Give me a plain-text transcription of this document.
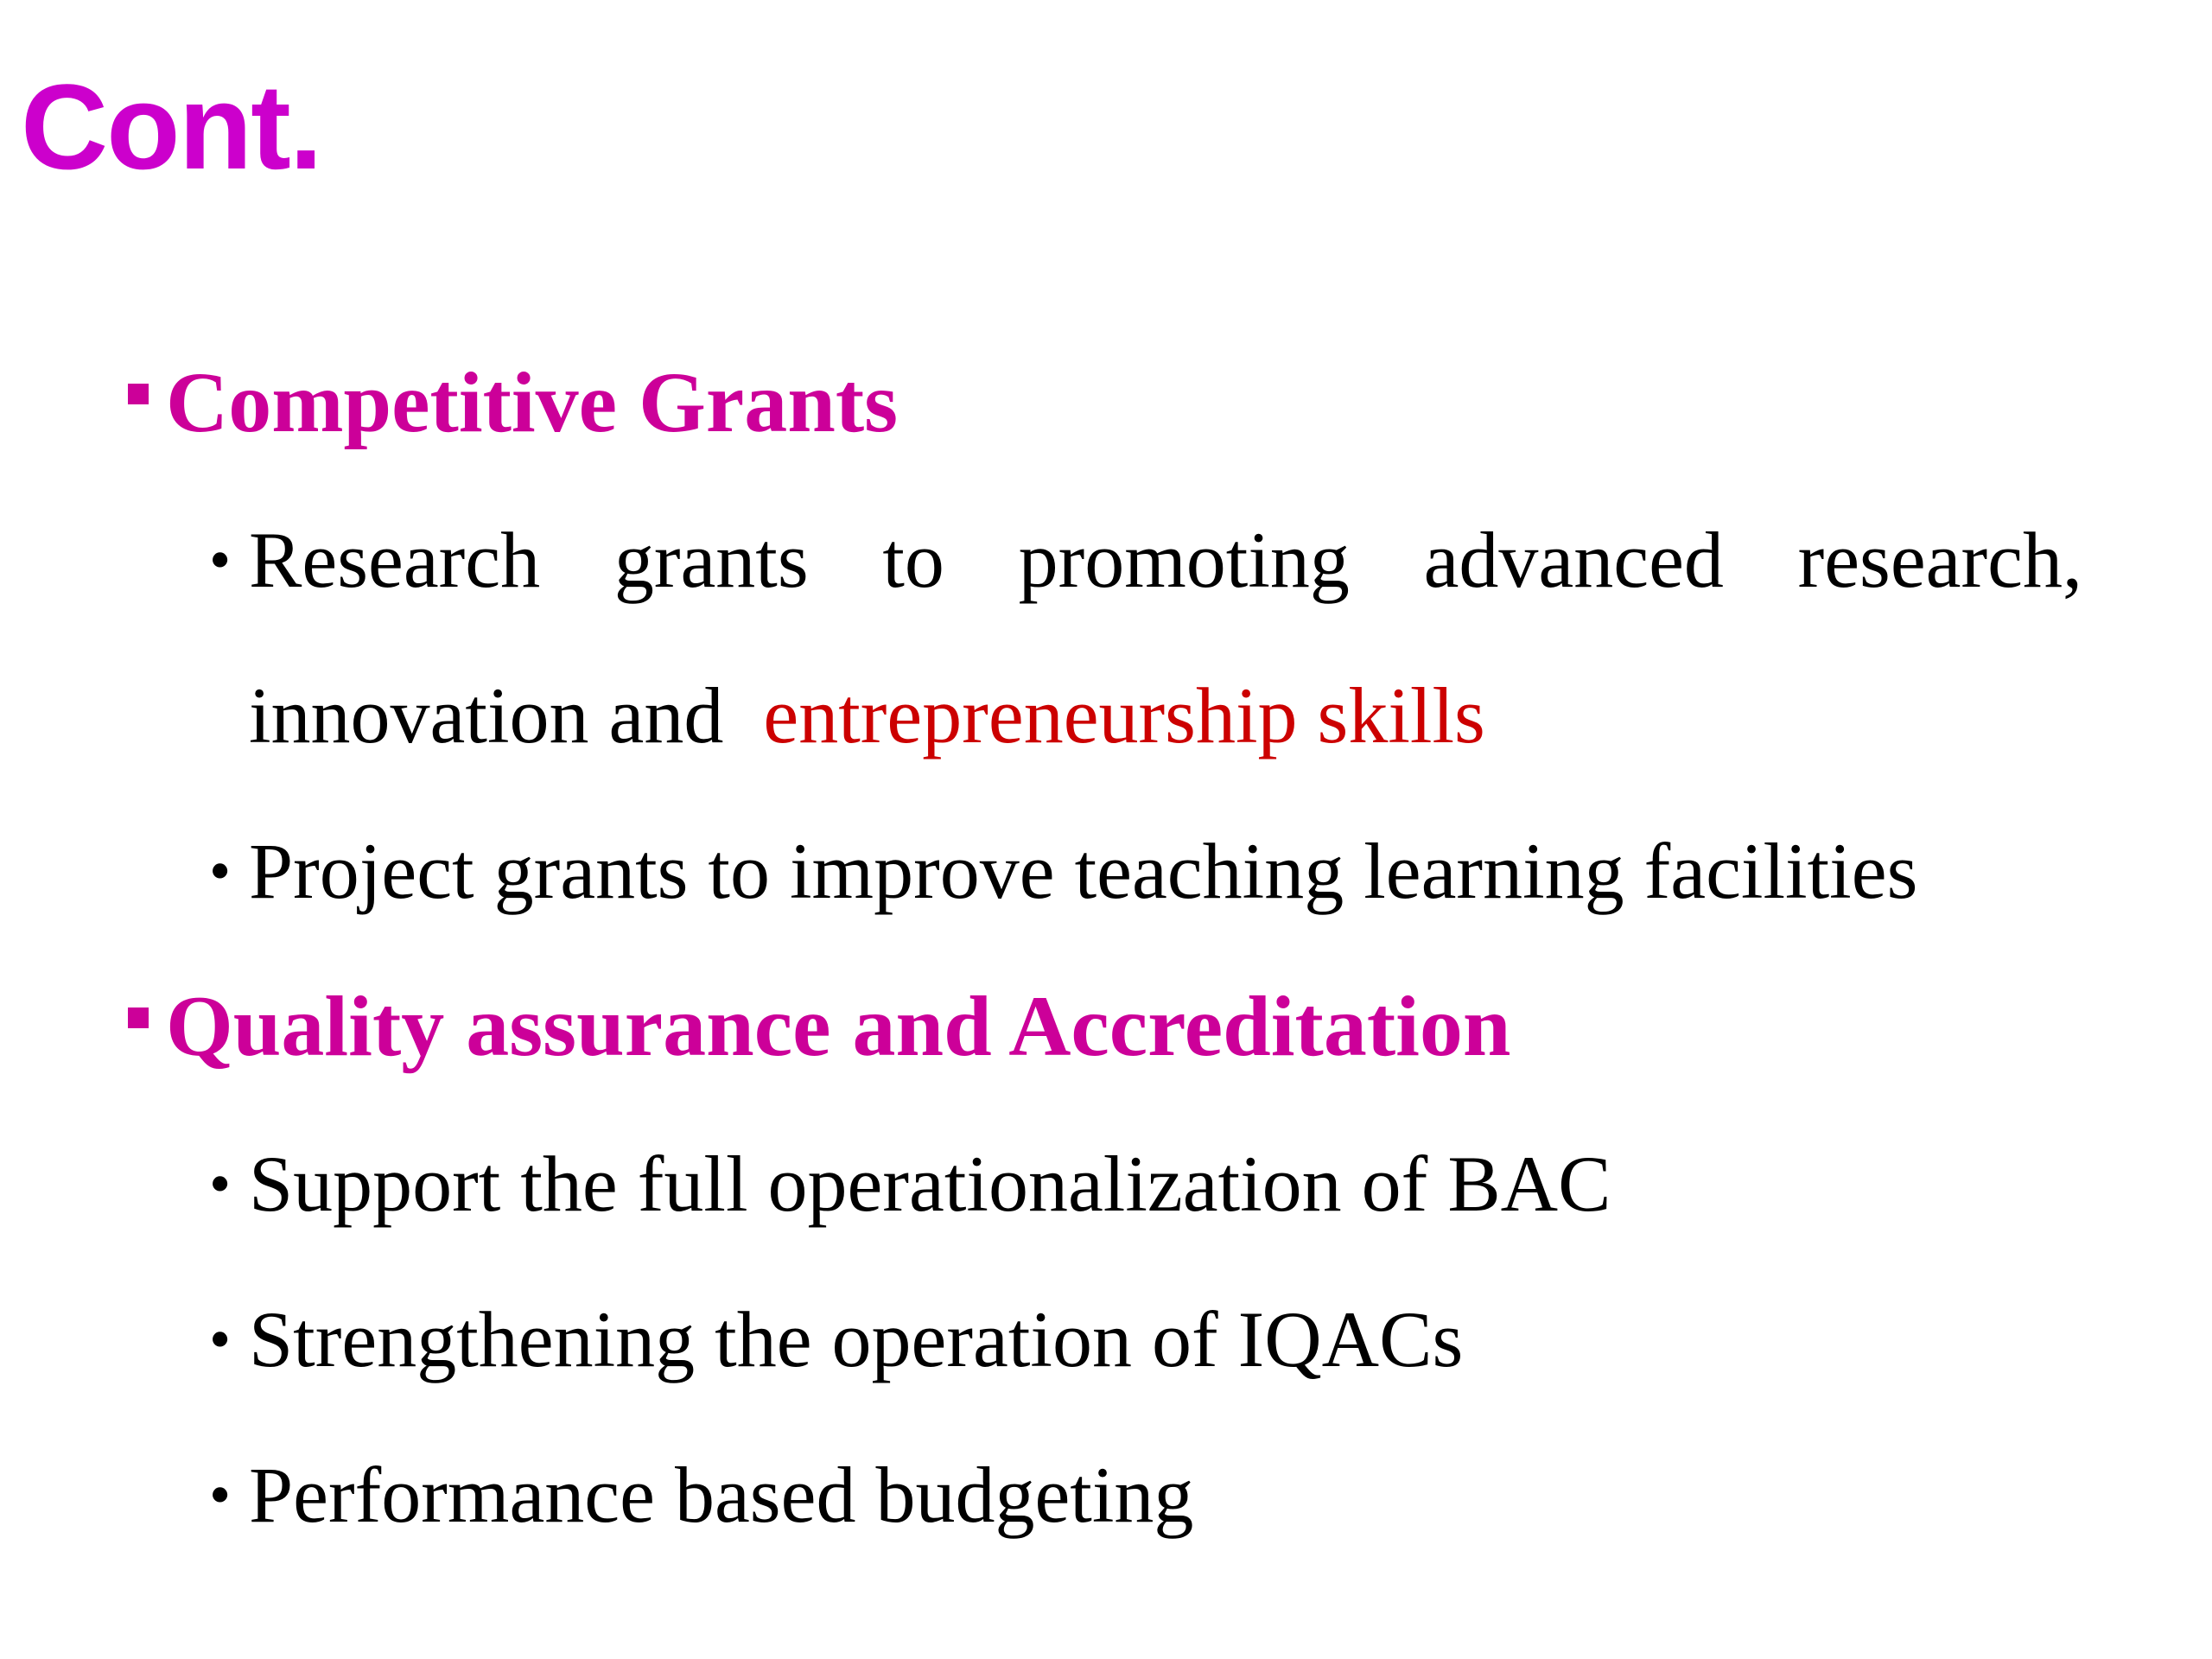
Cont.
Competitive Grants
• Research grants to promoting advanced research, innovation and entrepreneurship skills
• Project grants to improve teaching learning facilities
Quality assurance and Accreditation
• Support the full operationalization of BAC
• Strengthening the operation of IQACs
• Performance based budgeting
